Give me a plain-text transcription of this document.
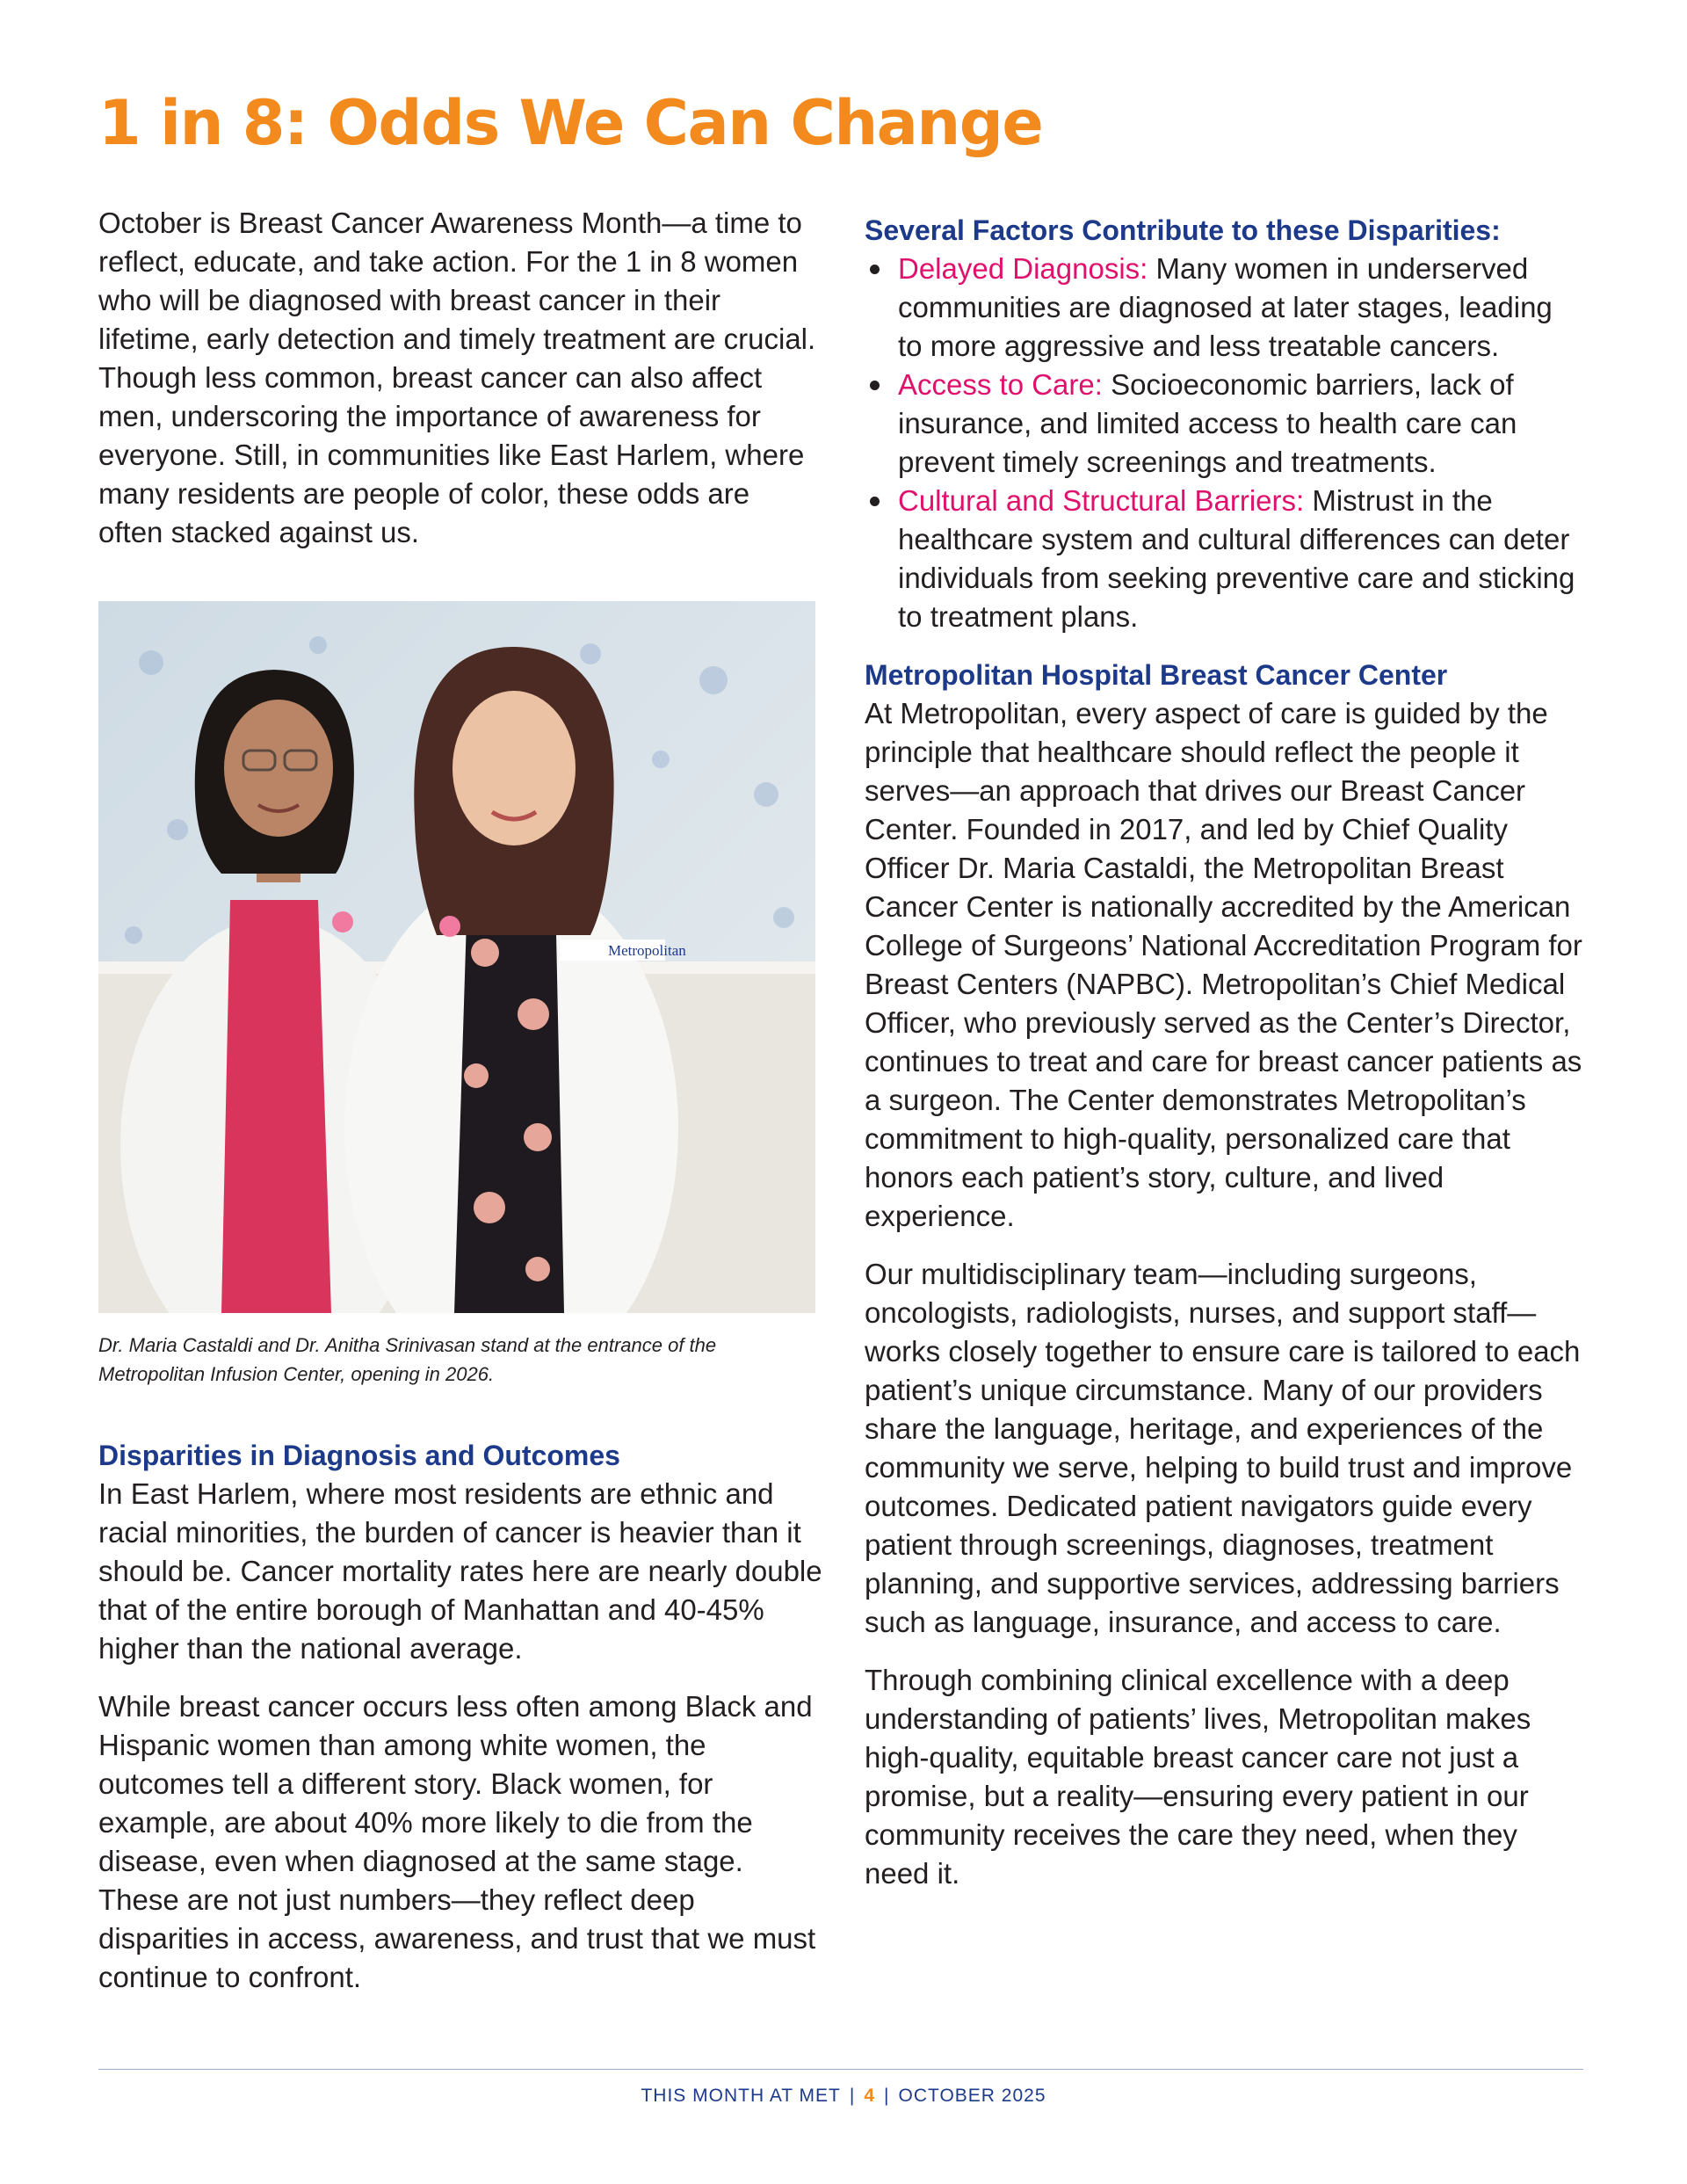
1 in 8: Odds We Can Change

October is Breast Cancer Awareness Month—a time to reflect, educate, and take action. For the 1 in 8 women who will be diagnosed with breast cancer in their lifetime, early detection and timely treatment are crucial. Though less common, breast cancer can also affect men, underscoring the importance of awareness for everyone. Still, in communities like East Harlem, where many residents are people of color, these odds are often stacked against us.

Metropolitan

Dr. Maria Castaldi and Dr. Anitha Srinivasan stand at the entrance of the Metropolitan Infusion Center, opening in 2026.

Disparities in Diagnosis and Outcomes

In East Harlem, where most residents are ethnic and racial minorities, the burden of cancer is heavier than it should be. Cancer mortality rates here are nearly double that of the entire borough of Manhattan and 40-45% higher than the national average.

While breast cancer occurs less often among Black and Hispanic women than among white women, the outcomes tell a different story. Black women, for example, are about 40% more likely to die from the disease, even when diagnosed at the same stage. These are not just numbers—they reflect deep disparities in access, awareness, and trust that we must continue to confront.

Several Factors Contribute to these Disparities:
Delayed Diagnosis: Many women in underserved communities are diagnosed at later stages, leading to more aggressive and less treatable cancers.
Access to Care: Socioeconomic barriers, lack of insurance, and limited access to health care can prevent timely screenings and treatments.
Cultural and Structural Barriers: Mistrust in the healthcare system and cultural differences can deter individuals from seeking preventive care and sticking to treatment plans.
Metropolitan Hospital Breast Cancer Center

At Metropolitan, every aspect of care is guided by the principle that healthcare should reflect the people it serves—an approach that drives our Breast Cancer Center. Founded in 2017, and led by Chief Quality Officer Dr. Maria Castaldi, the Metropolitan Breast Cancer Center is nationally accredited by the American College of Surgeons’ National Accreditation Program for Breast Centers (NAPBC). Metropolitan’s Chief Medical Officer, who previously served as the Center’s Director, continues to treat and care for breast cancer patients as a surgeon. The Center demonstrates Metropolitan’s commitment to high-quality, personalized care that honors each patient’s story, culture, and lived experience.

Our multidisciplinary team—including surgeons, oncologists, radiologists, nurses, and support staff—works closely together to ensure care is tailored to each patient’s unique circumstance. Many of our providers share the language, heritage, and experiences of the community we serve, helping to build trust and improve outcomes. Dedicated patient navigators guide every patient through screenings, diagnoses, treatment planning, and supportive services, addressing barriers such as language, insurance, and access to care.

Through combining clinical excellence with a deep understanding of patients’ lives, Metropolitan makes high-quality, equitable breast cancer care not just a promise, but a reality—ensuring every patient in our community receives the care they need, when they need it.

THIS MONTH AT MET | 4 | OCTOBER 2025
